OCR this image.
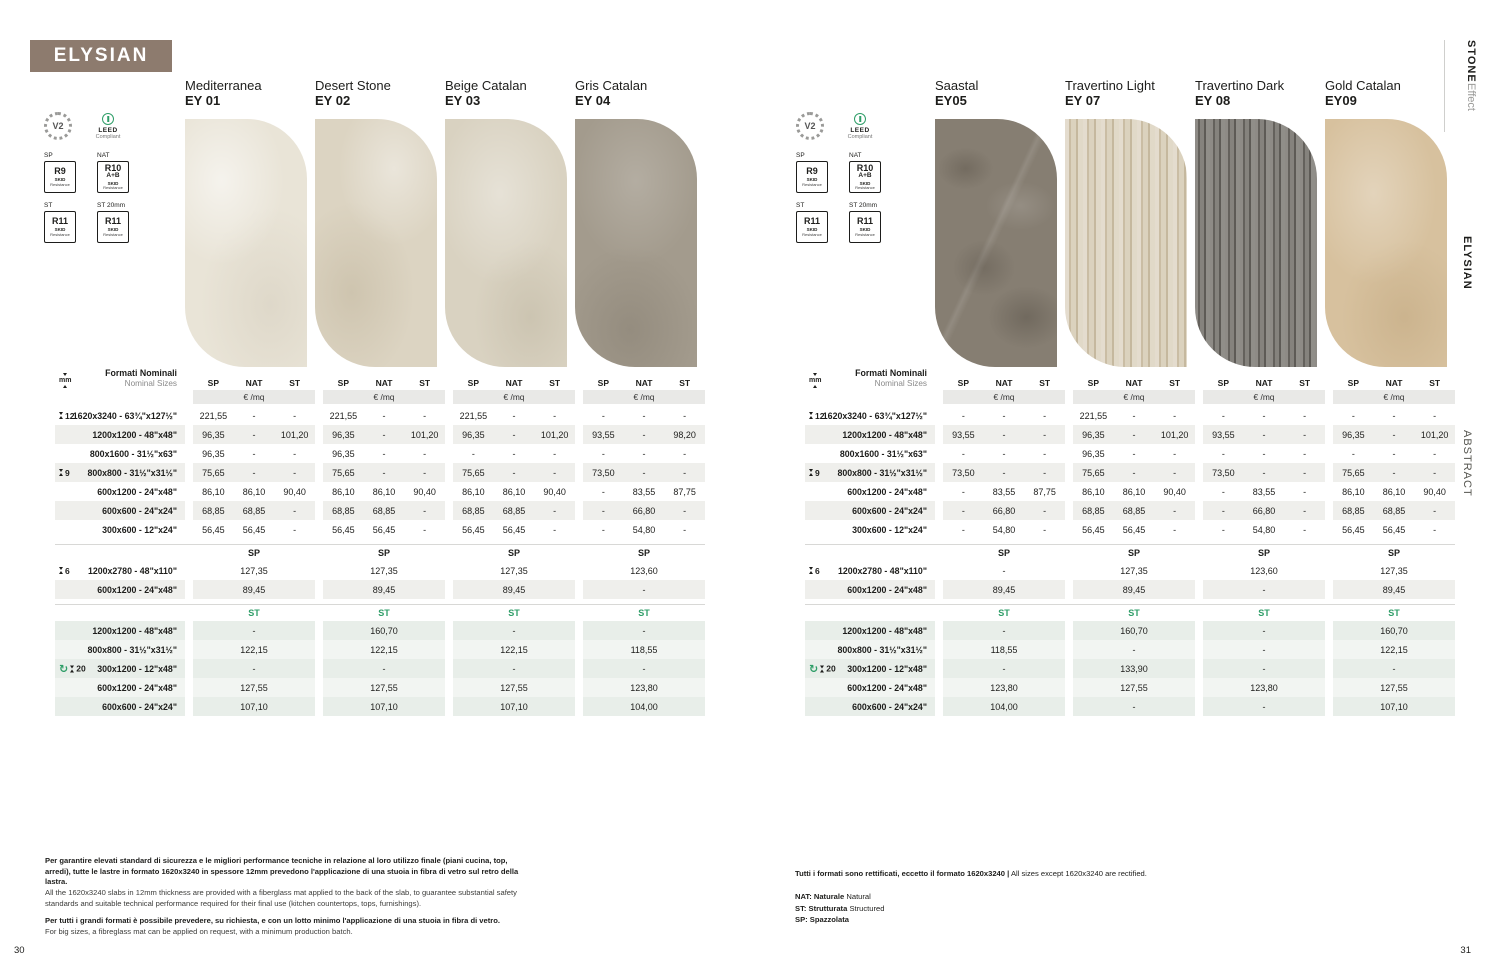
ELYSIAN	STONE
Effect
ELYSIAN
ABSTRACT
V2	LEED
Compliant
SP
R9
SKID
Resistance
NAT
R10
A+B
SKID
Resistance
ST
R11
SKID
Resistance
ST 20mm
R11
SKID
Resistance
V2	LEED
Compliant
SP
R9
SKID
Resistance
NAT
R10
A+B
SKID
Resistance
ST
R11
SKID
Resistance
ST 20mm
R11
SKID
Resistance
Mediterranea
EY 01
Desert Stone
EY 02
Beige Catalan
EY 03
Gris Catalan
EY 04
Saastal
EY05
Travertino Light
EY 07
Travertino Dark
EY 08
Gold Catalan
EY09
mm
Formati Nominali
Nominal Sizes	SP	NAT	ST	SP	NAT	ST	SP	NAT	ST	SP	NAT	ST
€ /mq	€ /mq	€ /mq	€ /mq
12
1620x3240 - 63¾"x127½"	221,55	-	-	221,55	-	-	221,55	-	-	-	-	-
1200x1200 - 48"x48"	96,35	-	101,20	96,35	-	101,20	96,35	-	101,20	93,55	-	98,20
800x1600 - 31½"x63"	96,35	-	-	96,35	-	-	-	-	-	-	-	-
9 800x800 - 31½"x31½"	75,65	-	-	75,65	-	-	75,65	-	-	73,50	-	-
600x1200 - 24"x48"	86,10	86,10	90,40	86,10	86,10	90,40	86,10	86,10	90,40	-	83,55	87,75
600x600 - 24"x24"	68,85	68,85	-	68,85	68,85	-	68,85	68,85	-	-	66,80	-
300x600 - 12"x24"	56,45	56,45	-	56,45	56,45	-	56,45	56,45	-	-	54,80	-
SP	SP	SP	SP
6 1200x2780 - 48"x110"	127,35	127,35	127,35	123,60
600x1200 - 24"x48"	89,45	89,45	89,45	-
ST	ST	ST	ST
1200x1200 - 48"x48"	-	160,70	-	-
800x800 - 31½"x31½"	122,15	122,15	122,15	118,55
↻ 20 300x1200 - 12"x48"	-	-	-	-
600x1200 - 24"x48"	127,55	127,55	127,55	123,80
600x600 - 24"x24"	107,10	107,10	107,10	104,00
mm
Formati Nominali
Nominal Sizes	SP	NAT	ST	SP	NAT	ST	SP	NAT	ST	SP	NAT	ST
€ /mq	€ /mq	€ /mq	€ /mq
12
1620x3240 - 63¾"x127½"	-	-	-	221,55	-	-	-	-	-	-	-	-
1200x1200 - 48"x48"	93,55	-	-	96,35	-	101,20	93,55	-	-	96,35	-	101,20
800x1600 - 31½"x63"	-	-	-	96,35	-	-	-	-	-	-	-	-
9 800x800 - 31½"x31½"	73,50	-	-	75,65	-	-	73,50	-	-	75,65	-	-
600x1200 - 24"x48"	-	83,55	87,75	86,10	86,10	90,40	-	83,55	-	86,10	86,10	90,40
600x600 - 24"x24"	-	66,80	-	68,85	68,85	-	-	66,80	-	68,85	68,85	-
300x600 - 12"x24"	-	54,80	-	56,45	56,45	-	-	54,80	-	56,45	56,45	-
SP	SP	SP	SP
6 1200x2780 - 48"x110"	-	127,35	123,60	127,35
600x1200 - 24"x48"	89,45	89,45	-	89,45
ST	ST	ST	ST
1200x1200 - 48"x48"	-	160,70	-	160,70
800x800 - 31½"x31½"	118,55	-	-	122,15
↻ 20 300x1200 - 12"x48"	-	133,90	-	-
600x1200 - 24"x48"	123,80	127,55	123,80	127,55
600x600 - 24"x24"	104,00	-	-	107,10

Per garantire elevati standard di sicurezza e le migliori performance tecniche in relazione al loro utilizzo finale (piani cucina, top, arredi), tutte le lastre in formato 1620x3240 in spessore 12mm prevedono l'applicazione di una stuoia in fibra di vetro sul retro della lastra.
All the 1620x3240 slabs in 12mm thickness are provided with a fiberglass mat applied to the back of the slab, to guarantee substantial safety standards and suitable technical performance required for their final use (kitchen countertops, tops, furnishings).

Per tutti i grandi formati è possibile prevedere, su richiesta, e con un lotto minimo l'applicazione di una stuoia in fibra di vetro.
For big sizes, a fibreglass mat can be applied on request, with a minimum production batch.

Tutti i formati sono rettificati, eccetto il formato 1620x3240 | All sizes except 1620x3240 are rectified.

NAT: Naturale Natural

ST: Strutturata Structured

SP: Spazzolata

30	31
